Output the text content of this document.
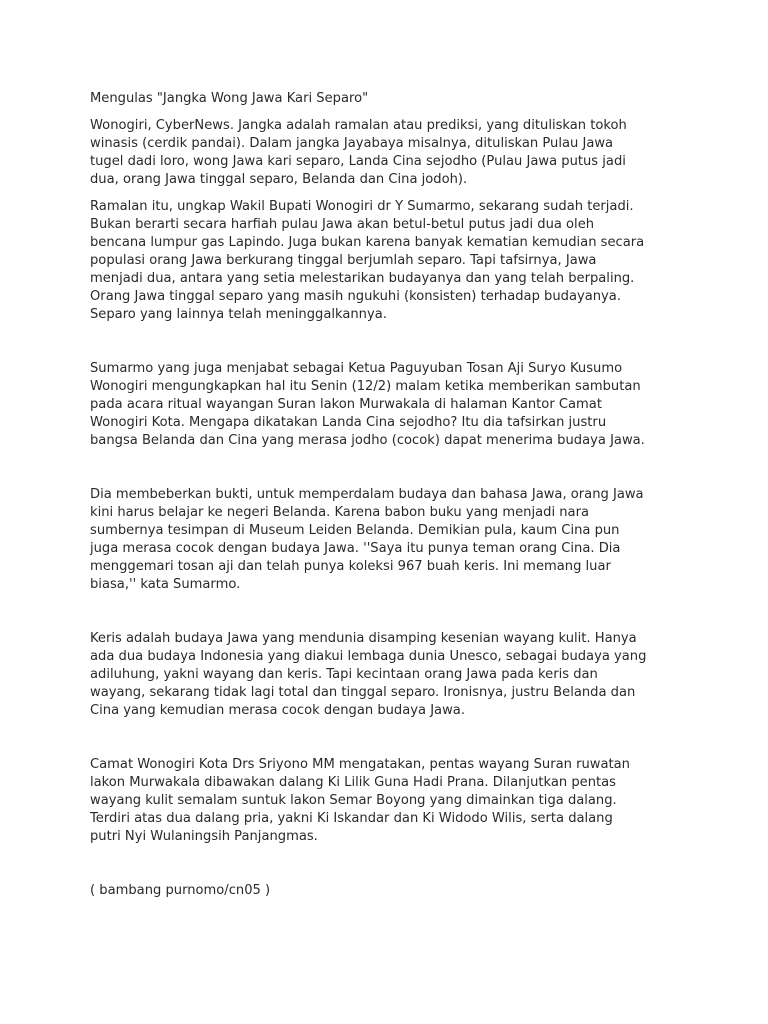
Mengulas "Jangka Wong Jawa Kari Separo"
Wonogiri, CyberNews. Jangka adalah ramalan atau prediksi, yang dituliskan tokoh
winasis (cerdik pandai). Dalam jangka Jayabaya misalnya, dituliskan Pulau Jawa
tugel dadi loro, wong Jawa kari separo, Landa Cina sejodho (Pulau Jawa putus jadi
dua, orang Jawa tinggal separo, Belanda dan Cina jodoh).
Ramalan itu, ungkap Wakil Bupati Wonogiri dr Y Sumarmo, sekarang sudah terjadi.
Bukan berarti secara harfiah pulau Jawa akan betul-betul putus jadi dua oleh
bencana lumpur gas Lapindo. Juga bukan karena banyak kematian kemudian secara
populasi orang Jawa berkurang tinggal berjumlah separo. Tapi tafsirnya, Jawa
menjadi dua, antara yang setia melestarikan budayanya dan yang telah berpaling.
Orang Jawa tinggal separo yang masih ngukuhi (konsisten) terhadap budayanya.
Separo yang lainnya telah meninggalkannya.
Sumarmo yang juga menjabat sebagai Ketua Paguyuban Tosan Aji Suryo Kusumo
Wonogiri mengungkapkan hal itu Senin (12/2) malam ketika memberikan sambutan
pada acara ritual wayangan Suran lakon Murwakala di halaman Kantor Camat
Wonogiri Kota. Mengapa dikatakan Landa Cina sejodho? Itu dia tafsirkan justru
bangsa Belanda dan Cina yang merasa jodho (cocok) dapat menerima budaya Jawa.
Dia membeberkan bukti, untuk memperdalam budaya dan bahasa Jawa, orang Jawa
kini harus belajar ke negeri Belanda. Karena babon buku yang menjadi nara
sumbernya tesimpan di Museum Leiden Belanda. Demikian pula, kaum Cina pun
juga merasa cocok dengan budaya Jawa. ''Saya itu punya teman orang Cina. Dia
menggemari tosan aji dan telah punya koleksi 967 buah keris. Ini memang luar
biasa,'' kata Sumarmo.
Keris adalah budaya Jawa yang mendunia disamping kesenian wayang kulit. Hanya
ada dua budaya Indonesia yang diakui lembaga dunia Unesco, sebagai budaya yang
adiluhung, yakni wayang dan keris. Tapi kecintaan orang Jawa pada keris dan
wayang, sekarang tidak lagi total dan tinggal separo. Ironisnya, justru Belanda dan
Cina yang kemudian merasa cocok dengan budaya Jawa.
Camat Wonogiri Kota Drs Sriyono MM mengatakan, pentas wayang Suran ruwatan
lakon Murwakala dibawakan dalang Ki Lilik Guna Hadi Prana. Dilanjutkan pentas
wayang kulit semalam suntuk lakon Semar Boyong yang dimainkan tiga dalang.
Terdiri atas dua dalang pria, yakni Ki Iskandar dan Ki Widodo Wilis, serta dalang
putri Nyi Wulaningsih Panjangmas.
( bambang purnomo/cn05 )
